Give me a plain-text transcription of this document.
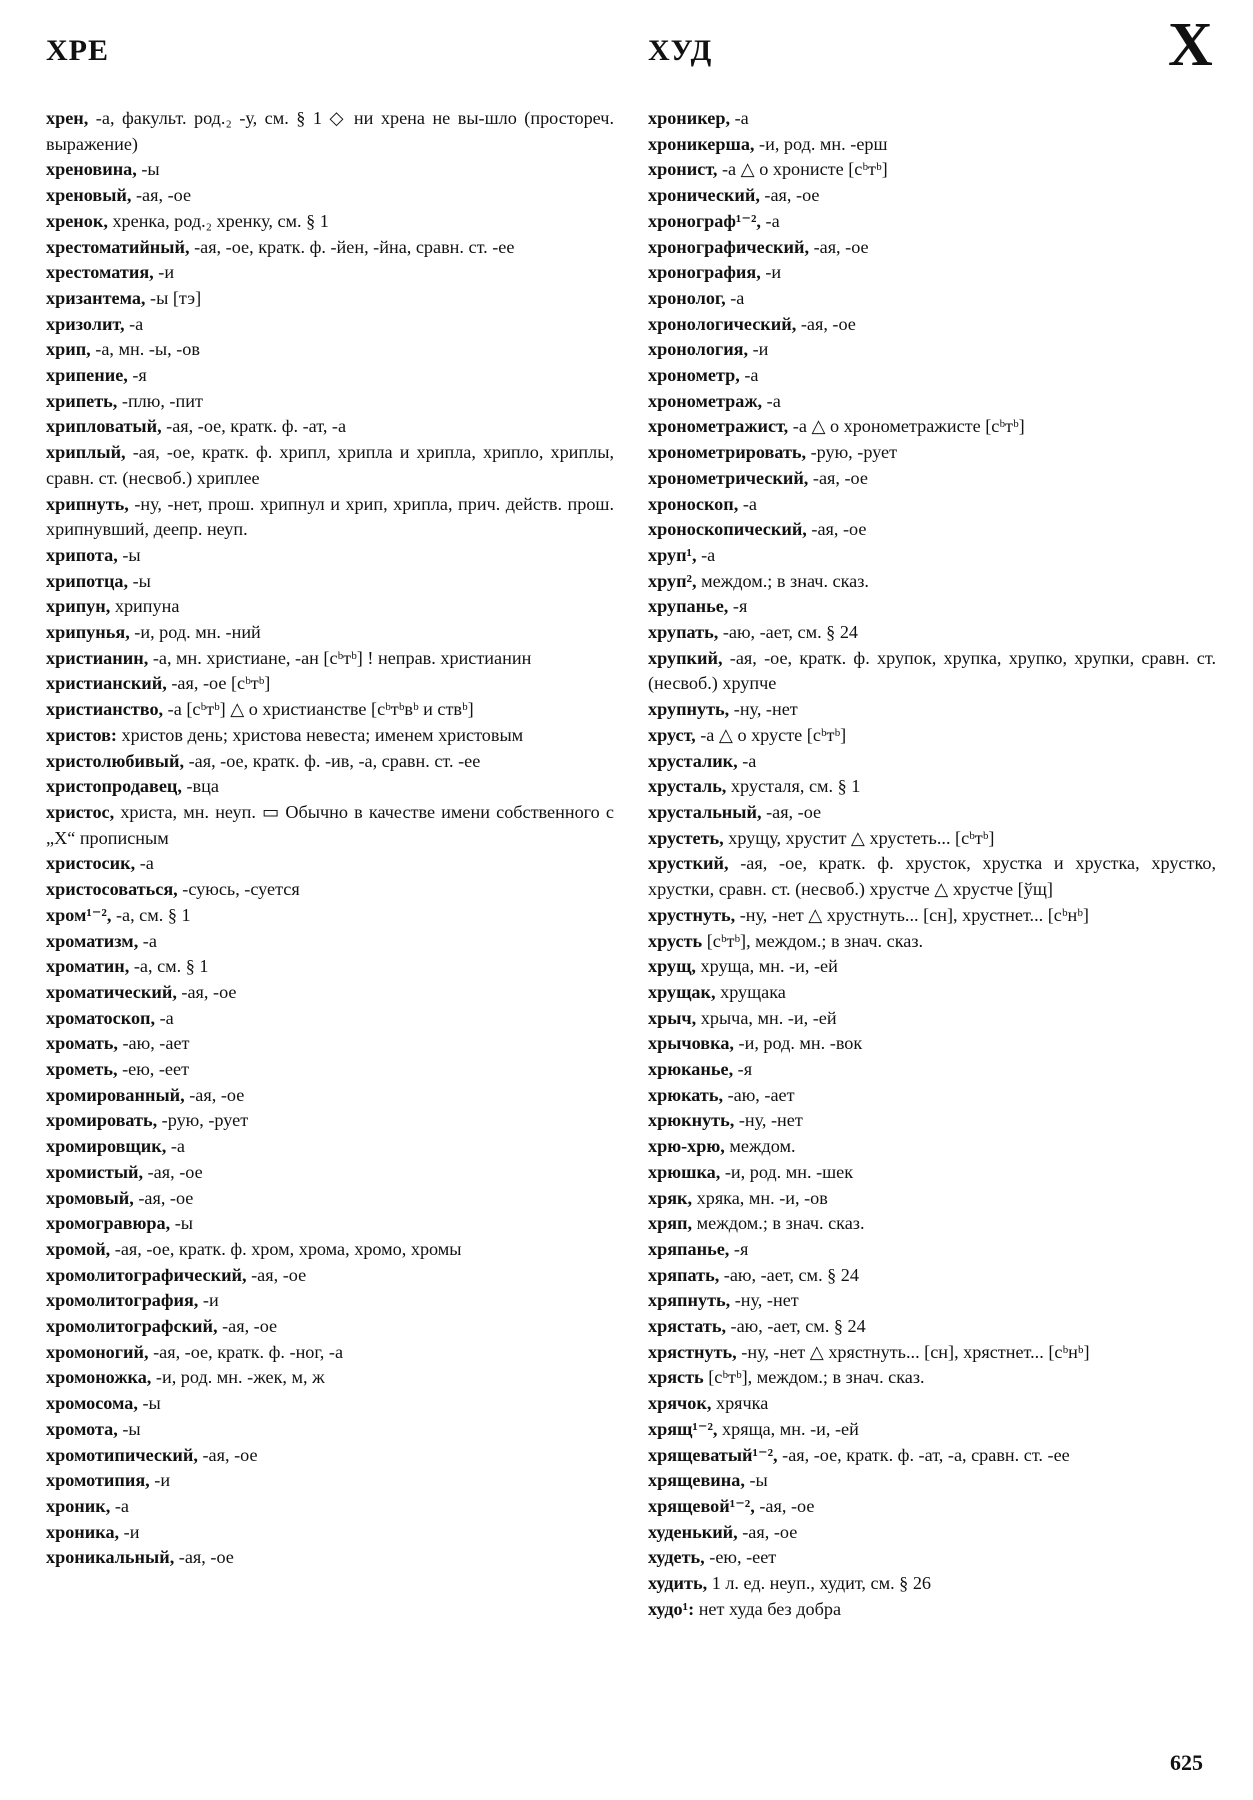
ХРЕ	ХУД	Х

хрен, -а, факульт. род.₂ -у, см. § 1 ◇ ни хрена не вы-шло (простореч. выражение)

хреновина, -ы

хреновый, -ая, -ое

хренок, хренка, род.₂ хренку, см. § 1

хрестоматийный, -ая, -ое, кратк. ф. -йен, -йна, сравн. ст. -ее

хрестоматия, -и

хризантема, -ы [тэ]

хризолит, -а

хрип, -а, мн. -ы, -ов

хрипение, -я

хрипеть, -плю, -пит

хрипловатый, -ая, -ое, кратк. ф. -ат, -а

хриплый, -ая, -ое, кратк. ф. хрипл, хрипла и хрипла, хрипло, хриплы, сравн. ст. (несвоб.) хриплее

хрипнуть, -ну, -нет, прош. хрипнул и хрип, хрипла, прич. действ. прош. хрипнувший, деепр. неуп.

хрипота, -ы

хрипотца, -ы

хрипун, хрипуна

хрипунья, -и, род. мн. -ний

христианин, -а, мн. христиане, -ан [сᵇтᵇ] ! неправ. христианин

христианский, -ая, -ое [сᵇтᵇ]

христианство, -а [сᵇтᵇ] △ о христианстве [сᵇтᵇвᵇ и ствᵇ]

христов: христов день; христова невеста; именем христовым

христолюбивый, -ая, -ое, кратк. ф. -ив, -а, сравн. ст. -ее

христопродавец, -вца

христос, христа, мн. неуп. ▭ Обычно в качестве имени собственного с „Х“ прописным

христосик, -а

христосоваться, -суюсь, -суется

хром¹⁻², -а, см. § 1

хроматизм, -а

хроматин, -а, см. § 1

хроматический, -ая, -ое

хроматоскоп, -а

хромать, -аю, -ает

хрометь, -ею, -еет

хромированный, -ая, -ое

хромировать, -рую, -рует

хромировщик, -а

хромистый, -ая, -ое

хромовый, -ая, -ое

хромогравюра, -ы

хромой, -ая, -ое, кратк. ф. хром, хрома, хромо, хромы

хромолитографический, -ая, -ое

хромолитография, -и

хромолитографский, -ая, -ое

хромоногий, -ая, -ое, кратк. ф. -ног, -а

хромоножка, -и, род. мн. -жек, м, ж

хромосома, -ы

хромота, -ы

хромотипический, -ая, -ое

хромотипия, -и

хроник, -а

хроника, -и

хроникальный, -ая, -ое

хроникер, -а

хроникерша, -и, род. мн. -ерш

хронист, -а △ о хронисте [сᵇтᵇ]

хронический, -ая, -ое

хронограф¹⁻², -а

хронографический, -ая, -ое

хронография, -и

хронолог, -а

хронологический, -ая, -ое

хронология, -и

хронометр, -а

хронометраж, -а

хронометражист, -а △ о хронометражисте [сᵇтᵇ]

хронометрировать, -рую, -рует

хронометрический, -ая, -ое

хроноскоп, -а

хроноскопический, -ая, -ое

хруп¹, -а

хруп², междом.; в знач. сказ.

хрупанье, -я

хрупать, -аю, -ает, см. § 24

хрупкий, -ая, -ое, кратк. ф. хрупок, хрупка, хрупко, хрупки, сравн. ст. (несвоб.) хрупче

хрупнуть, -ну, -нет

хруст, -а △ о хрусте [сᵇтᵇ]

хрусталик, -а

хрусталь, хрусталя, см. § 1

хрустальный, -ая, -ое

хрустеть, хрущу, хрустит △ хрустеть... [сᵇтᵇ]

хрусткий, -ая, -ое, кратк. ф. хрусток, хрустка и хрустка, хрустко, хрустки, сравн. ст. (несвоб.) хрустче △ хрустче [ўщ]

хрустнуть, -ну, -нет △ хрустнуть... [сн], хрустнет... [сᵇнᵇ]

хрусть [сᵇтᵇ], междом.; в знач. сказ.

хрущ, хруща, мн. -и, -ей

хрущак, хрущака

хрыч, хрыча, мн. -и, -ей

хрычовка, -и, род. мн. -вок

хрюканье, -я

хрюкать, -аю, -ает

хрюкнуть, -ну, -нет

хрю-хрю, междом.

хрюшка, -и, род. мн. -шек

хряк, хряка, мн. -и, -ов

хряп, междом.; в знач. сказ.

хряпанье, -я

хряпать, -аю, -ает, см. § 24

хряпнуть, -ну, -нет

хрястать, -аю, -ает, см. § 24

хрястнуть, -ну, -нет △ хрястнуть... [сн], хрястнет... [сᵇнᵇ]

хрясть [сᵇтᵇ], междом.; в знач. сказ.

хрячок, хрячка

хрящ¹⁻², хряща, мн. -и, -ей

хрящеватый¹⁻², -ая, -ое, кратк. ф. -ат, -а, сравн. ст. -ее

хрящевина, -ы

хрящевой¹⁻², -ая, -ое

худенький, -ая, -ое

худеть, -ею, -еет

худить, 1 л. ед. неуп., худит, см. § 26

худо¹: нет худа без добра

625
